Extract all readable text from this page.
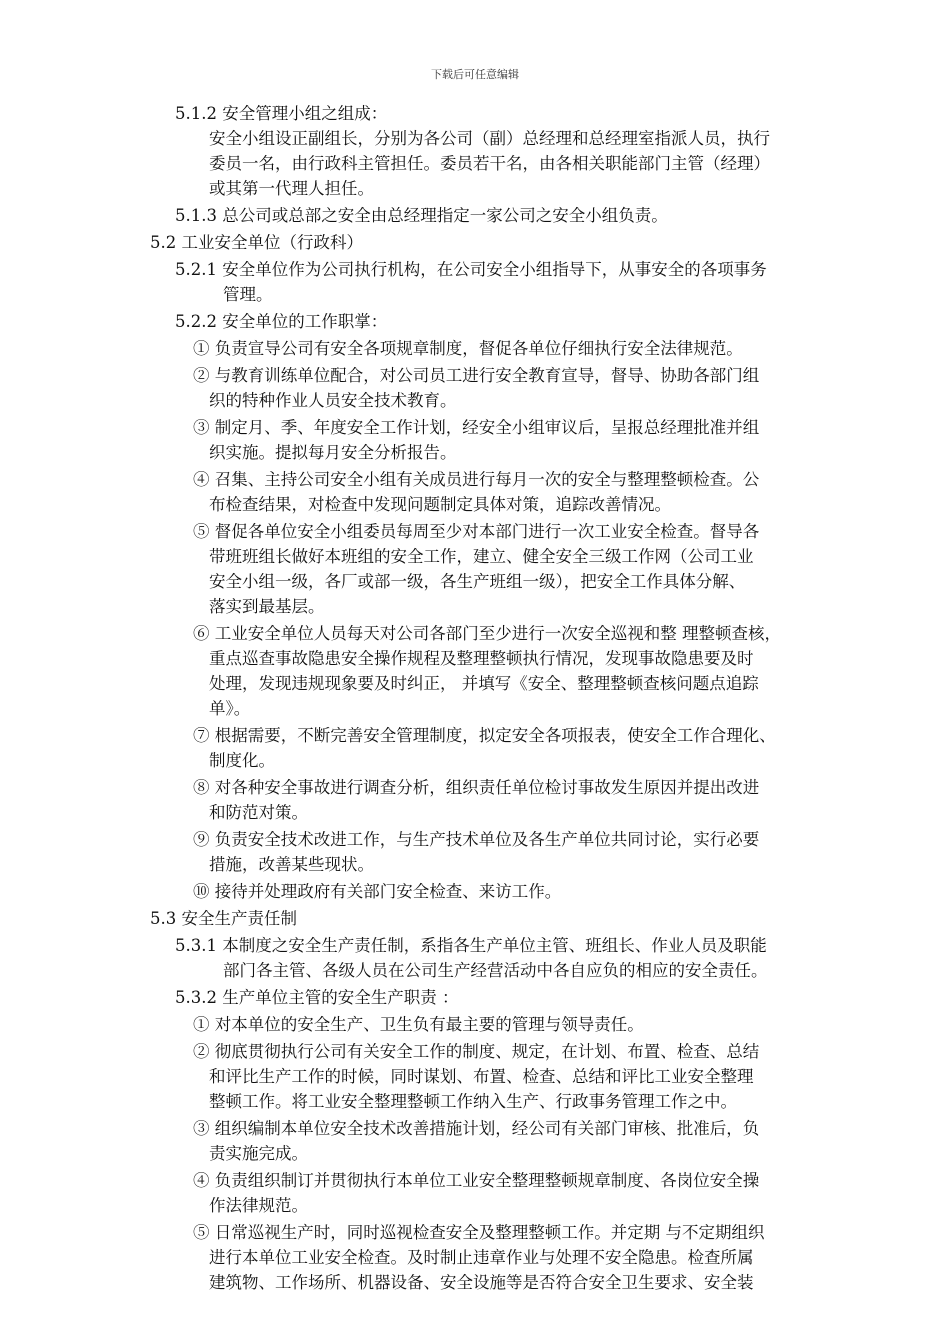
下载后可任意编辑
5.1.2 安全管理小组之组成：
安全小组设正副组长，分别为各公司（副）总经理和总经理室指派人员，执行
委员一名，由行政科主管担任。委员若干名，由各相关职能部门主管（经理）
或其第一代理人担任。
5.1.3 总公司或总部之安全由总经理指定一家公司之安全小组负责。
5.2 工业安全单位（行政科）
5.2.1 安全单位作为公司执行机构，在公司安全小组指导下，从事安全的各项事务
管理。
5.2.2 安全单位的工作职掌：
① 负责宣导公司有安全各项规章制度，督促各单位仔细执行安全法律规范。
② 与教育训练单位配合，对公司员工进行安全教育宣导，督导、协助各部门组
织的特种作业人员安全技术教育。
③ 制定月、季、年度安全工作计划，经安全小组审议后，呈报总经理批准并组
织实施。提拟每月安全分析报告。
④ 召集、主持公司安全小组有关成员进行每月一次的安全与整理整顿检查。公
布检查结果，对检查中发现问题制定具体对策，追踪改善情况。
⑤ 督促各单位安全小组委员每周至少对本部门进行一次工业安全检查。督导各
带班班组长做好本班组的安全工作，建立、健全安全三级工作网（公司工业
安全小组一级，各厂或部一级，各生产班组一级），把安全工作具体分解、
落实到最基层。
⑥ 工业安全单位人员每天对公司各部门至少进行一次安全巡视和整 理整顿查核，
重点巡查事故隐患安全操作规程及整理整顿执行情况，发现事故隐患要及时
处理，发现违规现象要及时纠正， 并填写《安全、整理整顿查核问题点追踪
单》。
⑦ 根据需要，不断完善安全管理制度，拟定安全各项报表，使安全工作合理化、
制度化。
⑧ 对各种安全事故进行调查分析，组织责任单位检讨事故发生原因并提出改进
和防范对策。
⑨ 负责安全技术改进工作，与生产技术单位及各生产单位共同讨论，实行必要
措施，改善某些现状。
⑩ 接待并处理政府有关部门安全检查、来访工作。
5.3 安全生产责任制
5.3.1 本制度之安全生产责任制，系指各生产单位主管、班组长、作业人员及职能
部门各主管、各级人员在公司生产经营活动中各自应负的相应的安全责任。
5.3.2 生产单位主管的安全生产职责 ：
① 对本单位的安全生产、卫生负有最主要的管理与领导责任。
② 彻底贯彻执行公司有关安全工作的制度、规定，在计划、布置、检查、总结
和评比生产工作的时候，同时谋划、布置、检查、总结和评比工业安全整理
整顿工作。将工业安全整理整顿工作纳入生产、行政事务管理工作之中。
③ 组织编制本单位安全技术改善措施计划，经公司有关部门审核、批准后，负
责实施完成。
④ 负责组织制订并贯彻执行本单位工业安全整理整顿规章制度、各岗位安全操
作法律规范。
⑤ 日常巡视生产时，同时巡视检查安全及整理整顿工作。并定期 与不定期组织
进行本单位工业安全检查。及时制止违章作业与处理不安全隐患。检查所属
建筑物、工作场所、机器设备、安全设施等是否符合安全卫生要求、安全装
